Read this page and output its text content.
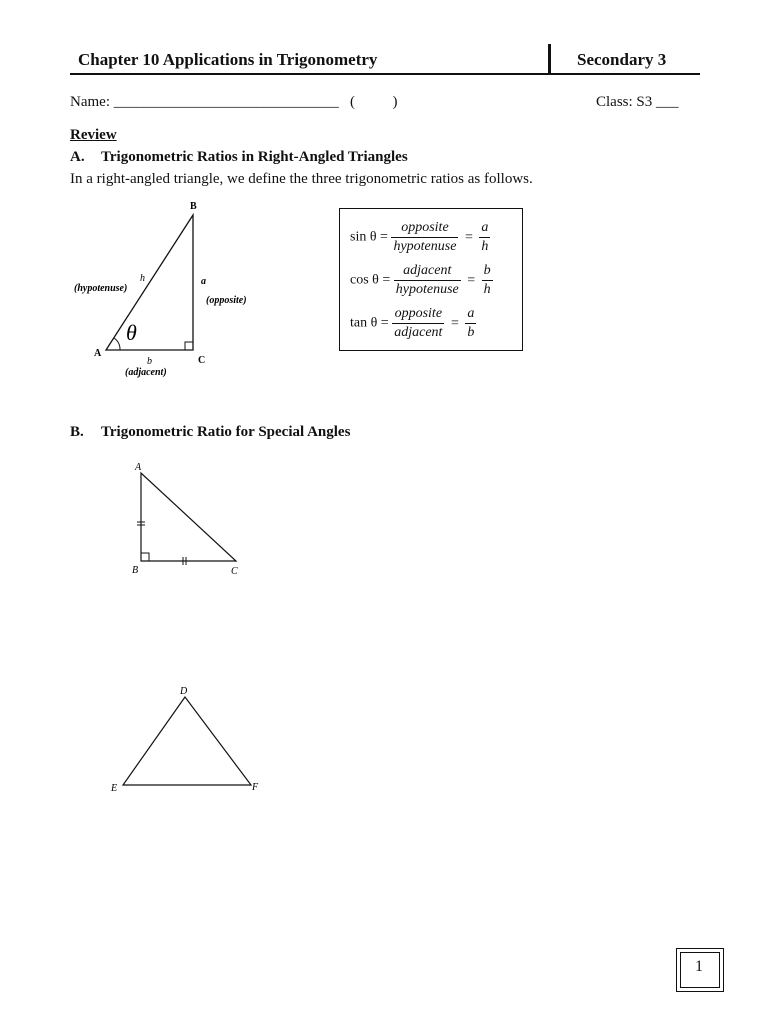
Chapter 10 Applications in Trigonometry	Secondary 3
Name: ______________________________ (          )	Class: S3 ___
Review
A. Trigonometric Ratios in Right-Angled Triangles
In a right-angled triangle, we define the three trigonometric ratios as follows.
B
A
C
h
(hypotenuse)
a
(opposite)
b
(adjacent)
θ
$\sin \theta = \frac{\text{opposite}}{\text{hypotenuse}} = \frac{a}{h}$
$\cos \theta = \frac{\text{adjacent}}{\text{hypotenuse}} = \frac{b}{h}$
$\tan \theta = \frac{\text{opposite}}{\text{adjacent}} = \frac{a}{b}$
B. Trigonometric Ratio for Special Angles
A
B	C
D
E	F
1
